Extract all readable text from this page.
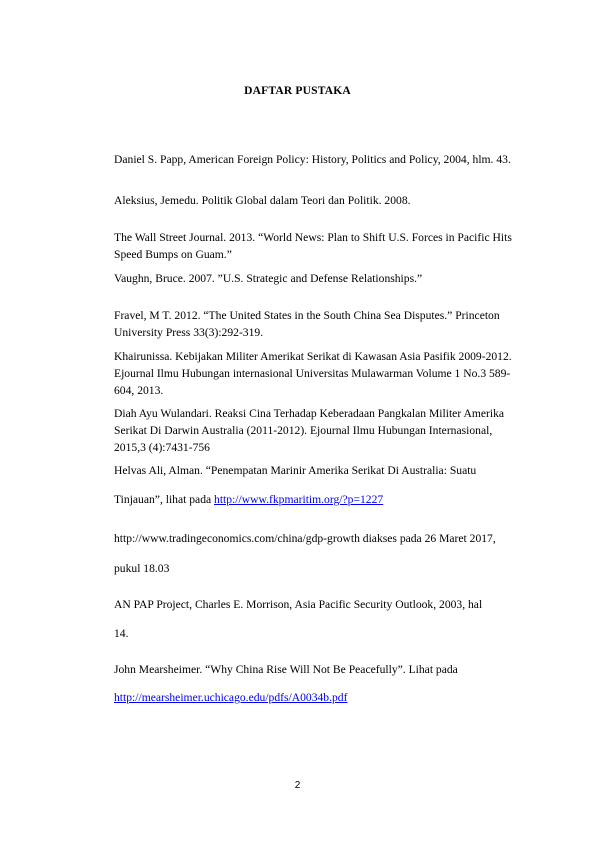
DAFTAR PUSTAKA
Daniel S. Papp, American Foreign Policy: History, Politics and Policy, 2004, hlm. 43.
Aleksius, Jemedu. Politik Global dalam Teori dan Politik. 2008.
The Wall Street Journal. 2013. “World News: Plan to Shift U.S. Forces in Pacific Hits Speed Bumps on Guam.”
Vaughn, Bruce. 2007. ”U.S. Strategic and Defense Relationships.”
Fravel, M T. 2012. “The United States in the South China Sea Disputes.” Princeton University Press 33(3):292-319.
Khairunissa. Kebijakan Militer Amerikat Serikat di Kawasan Asia Pasifik 2009-2012. Ejournal Ilmu Hubungan internasional Universitas Mulawarman Volume 1 No.3 589-604, 2013.
Diah Ayu Wulandari. Reaksi Cina Terhadap Keberadaan Pangkalan Militer Amerika Serikat Di Darwin Australia (2011-2012). Ejournal Ilmu Hubungan Internasional, 2015,3 (4):7431-756
Helvas Ali, Alman. “Penempatan Marinir Amerika Serikat Di Australia: Suatu
Tinjauan”, lihat pada http://www.fkpmaritim.org/?p=1227
http://www.tradingeconomics.com/china/gdp-growth diakses pada 26 Maret 2017,
pukul 18.03
AN PAP Project, Charles E. Morrison, Asia Pacific Security Outlook, 2003, hal
14.
John Mearsheimer. “Why China Rise Will Not Be Peacefully”. Lihat pada
http://mearsheimer.uchicago.edu/pdfs/A0034b.pdf
2
